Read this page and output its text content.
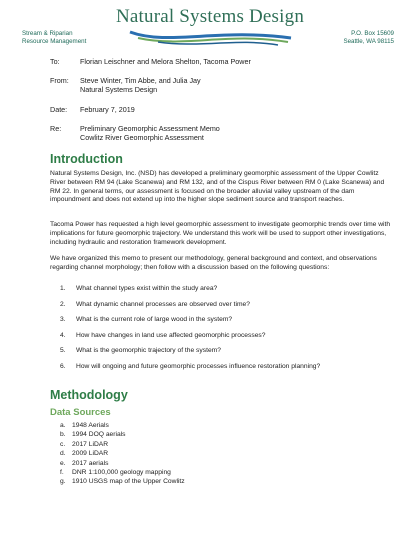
Natural Systems Design
Stream & Riparian
Resource Management
P.O. Box 15609
Seattle, WA 98115
To:	Florian Leischner and Melora Shelton, Tacoma Power
From:	Steve Winter, Tim Abbe, and Julia Jay
Natural Systems Design
Date:	February 7, 2019
Re:	Preliminary Geomorphic Assessment Memo
Cowlitz River Geomorphic Assessment
Introduction

Natural Systems Design, Inc. (NSD) has developed a preliminary geomorphic assessment of the Upper Cowlitz River between RM 94 (Lake Scanewa) and RM 132, and of the Cispus River between RM 0 (Lake Scanewa) and RM 22. In general terms, our assessment is focused on the broader alluvial valley upstream of the dam impoundment and does not extend up into the higher slope sediment source and transport reaches.

Tacoma Power has requested a high level geomorphic assessment to investigate geomorphic trends over time with implications for future geomorphic trajectory. We understand this work will be used to support other investigations, including hydraulic and restoration framework development.

We have organized this memo to present our methodology, general background and context, and observations regarding channel morphology; then follow with a discussion based on the following questions:

1. What channel types exist within the study area?
2. What dynamic channel processes are observed over time?
3. What is the current role of large wood in the system?
4. How have changes in land use affected geomorphic processes?
5. What is the geomorphic trajectory of the system?
6. How will ongoing and future geomorphic processes influence restoration planning?
Methodology
Data Sources
a. 1948 Aerials
b. 1994 DOQ aerials
c. 2017 LiDAR
d. 2009 LiDAR
e. 2017 aerials
f. DNR 1:100,000 geology mapping
g. 1910 USGS map of the Upper Cowlitz
